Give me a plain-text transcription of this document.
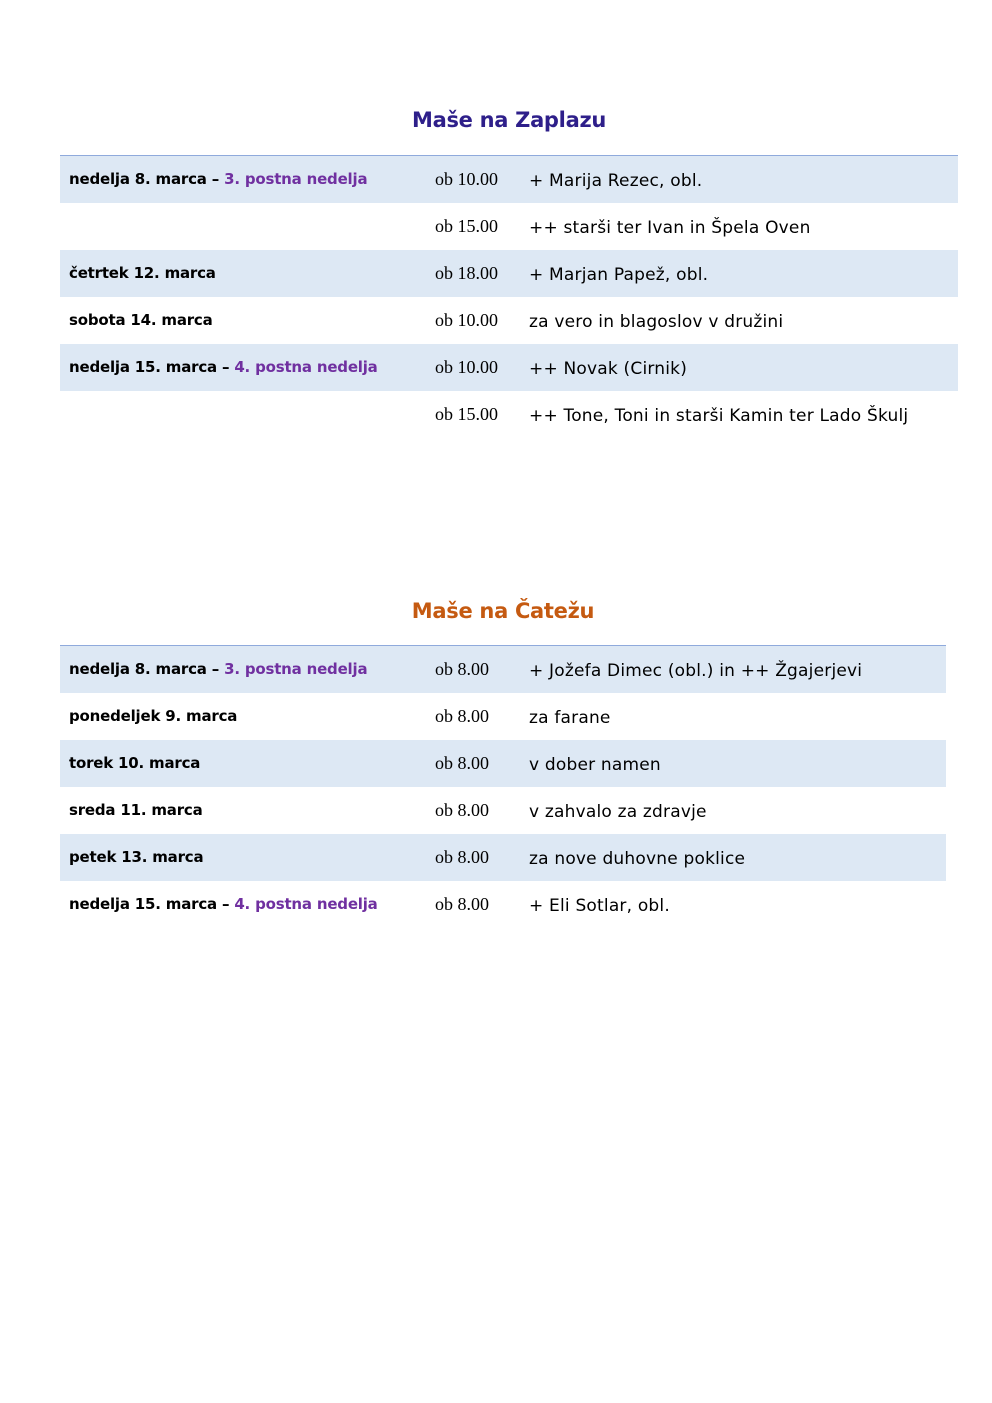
Maše na Zaplazu
nedelja 8. marca – 3. postna nedelja	ob 10.00 + Marija Rezec, obl.
ob 15.00 ++ starši ter Ivan in Špela Oven
četrtek 12. marca	ob 18.00 + Marjan Papež, obl.
sobota 14. marca	ob 10.00 za vero in blagoslov v družini
nedelja 15. marca – 4. postna nedelja	ob 10.00 ++ Novak (Cirnik)
ob 15.00 ++ Tone, Toni in starši Kamin ter Lado Škulj
Maše na Čatežu
nedelja 8. marca – 3. postna nedelja	ob 8.00 + Jožefa Dimec (obl.) in ++ Žgajerjevi
ponedeljek 9. marca	ob 8.00 za farane
torek 10. marca	ob 8.00 v dober namen
sreda 11. marca	ob 8.00 v zahvalo za zdravje
petek 13. marca	ob 8.00 za nove duhovne poklice
nedelja 15. marca – 4. postna nedelja	ob 8.00 + Eli Sotlar, obl.
